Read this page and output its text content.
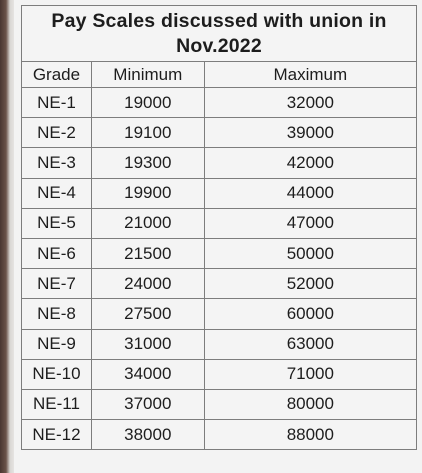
Pay Scales discussed with union in
Nov.2022		
Grade	Minimum	Maximum
NE-1	19000	32000
NE-2	19100	39000
NE-3	19300	42000
NE-4	19900	44000
NE-5	21000	47000
NE-6	21500	50000
NE-7	24000	52000
NE-8	27500	60000
NE-9	31000	63000
NE-10	34000	71000
NE-11	37000	80000
NE-12	38000	88000
